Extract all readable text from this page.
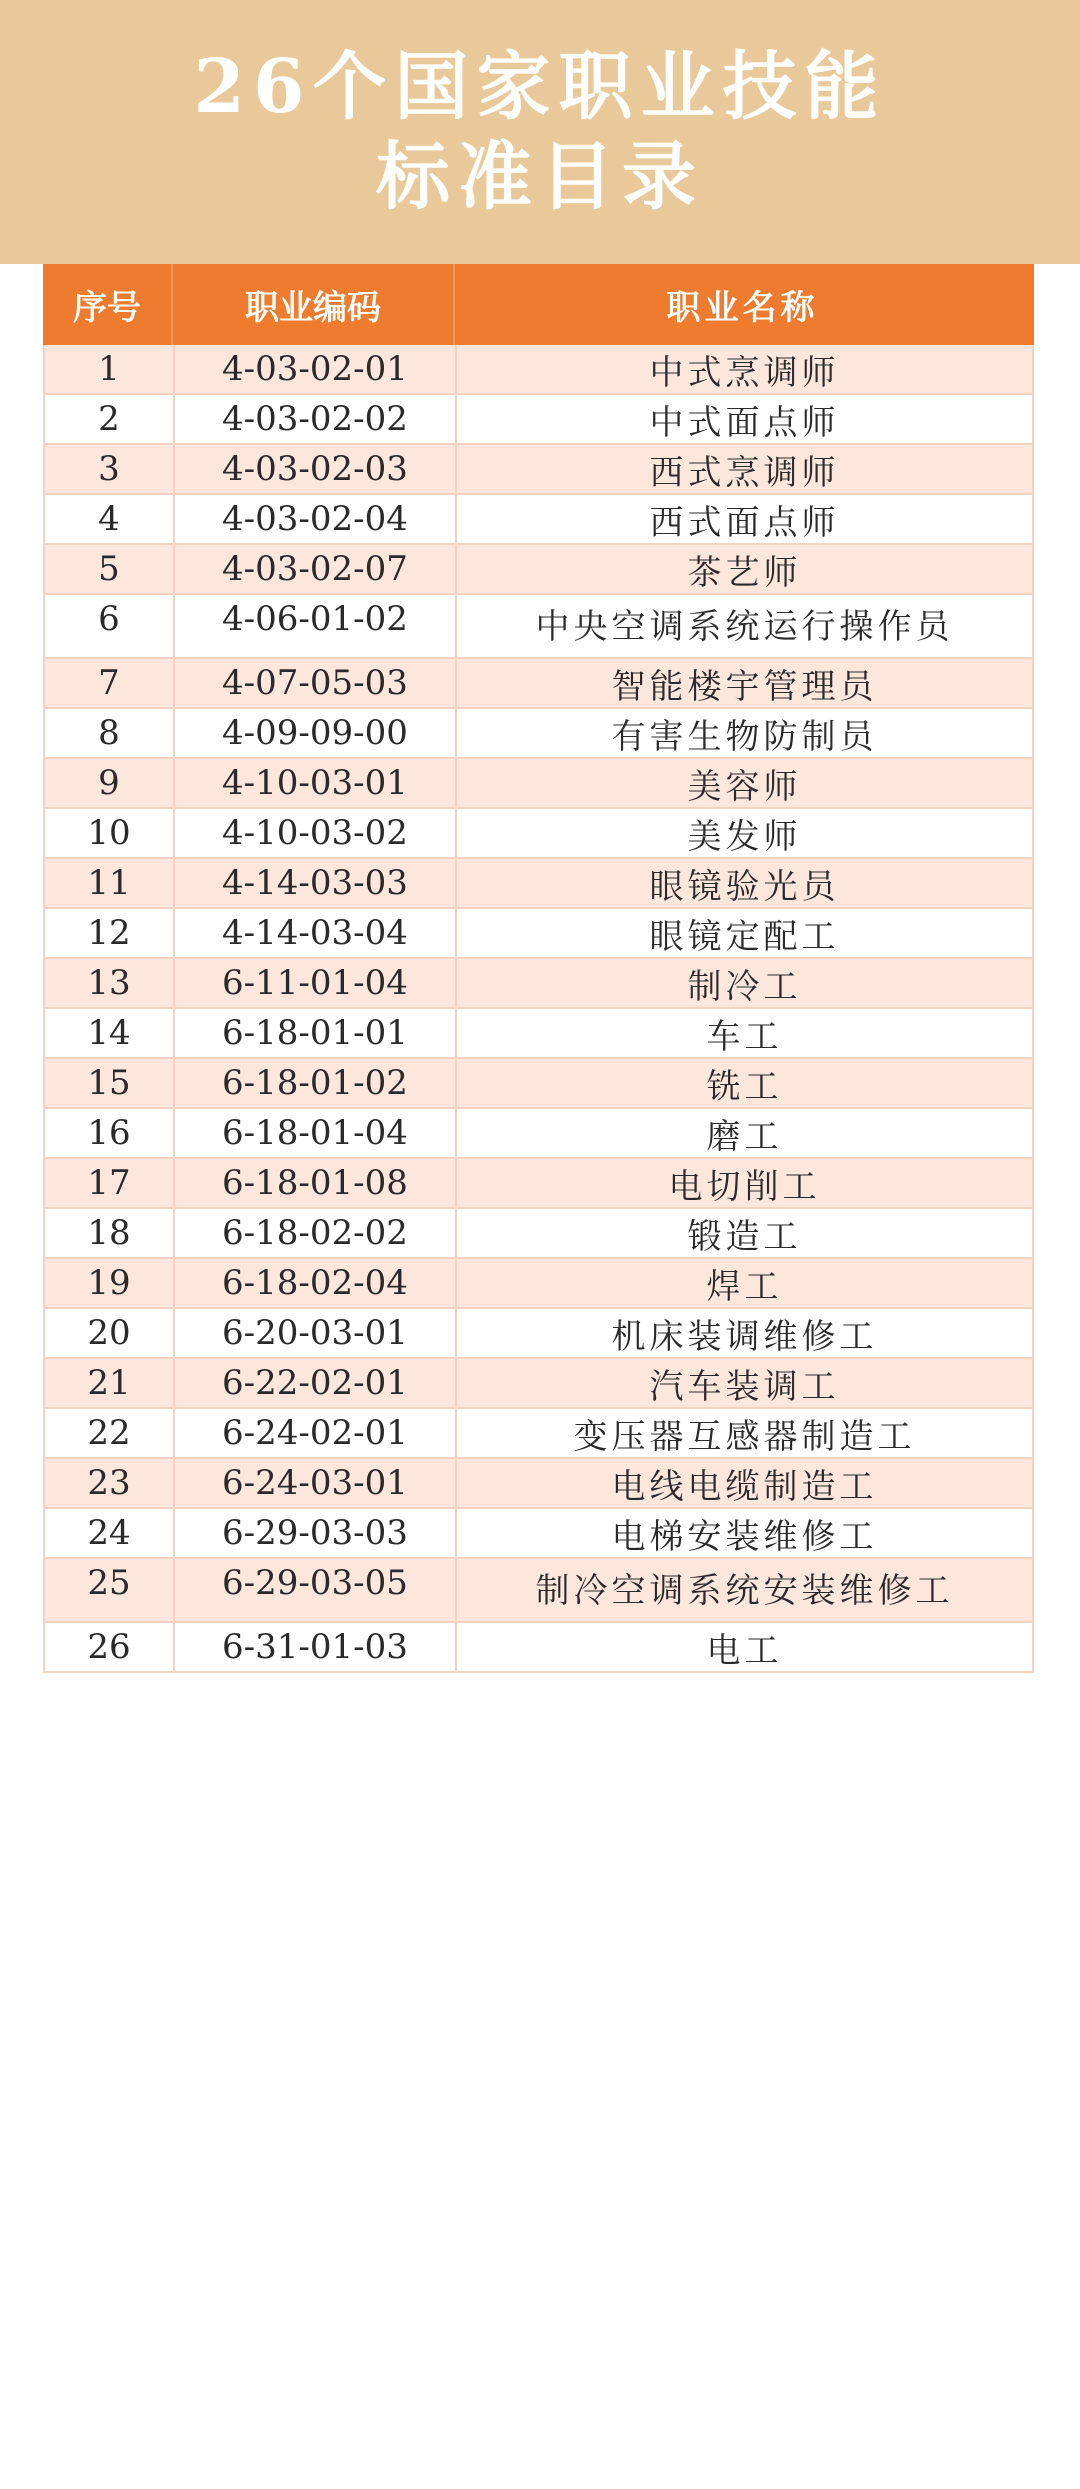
26个国家职业技能
标准目录
序号	职业编码	职业名称
1	4-03-02-01	中式烹调师
2	4-03-02-02	中式面点师
3	4-03-02-03	西式烹调师
4	4-03-02-04	西式面点师
5	4-03-02-07	茶艺师
6	4-06-01-02	中央空调系统运行操作员
7	4-07-05-03	智能楼宇管理员
8	4-09-09-00	有害生物防制员
9	4-10-03-01	美容师
10	4-10-03-02	美发师
11	4-14-03-03	眼镜验光员
12	4-14-03-04	眼镜定配工
13	6-11-01-04	制冷工
14	6-18-01-01	车工
15	6-18-01-02	铣工
16	6-18-01-04	磨工
17	6-18-01-08	电切削工
18	6-18-02-02	锻造工
19	6-18-02-04	焊工
20	6-20-03-01	机床装调维修工
21	6-22-02-01	汽车装调工
22	6-24-02-01	变压器互感器制造工
23	6-24-03-01	电线电缆制造工
24	6-29-03-03	电梯安装维修工
25	6-29-03-05	制冷空调系统安装维修工
26	6-31-01-03	电工
